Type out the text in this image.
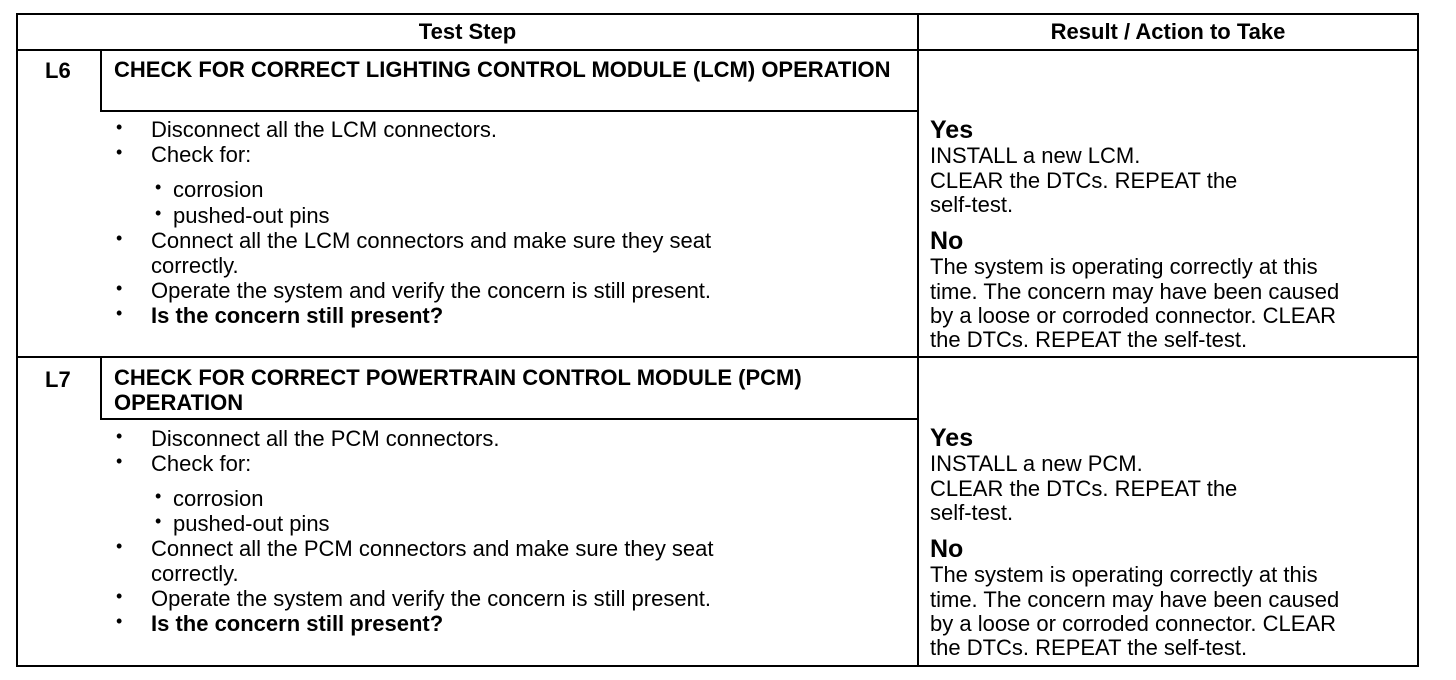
Test Step	Result / Action to Take
L6 CHECK FOR CORRECT LIGHTING CONTROL MODULE (LCM) OPERATION
• Disconnect all the LCM connectors.
• Check for:
• corrosion
• pushed-out pins
• Connect all the LCM connectors and make sure they seat
correctly.
• Operate the system and verify the concern is still present.
• Is the concern still present?
Yes
INSTALL a new LCM.
CLEAR the DTCs. REPEAT the
self-test.
No
The system is operating correctly at this
time. The concern may have been caused
by a loose or corroded connector. CLEAR
the DTCs. REPEAT the self-test.
L7 CHECK FOR CORRECT POWERTRAIN CONTROL MODULE (PCM) OPERATION
• Disconnect all the PCM connectors.
• Check for:
• corrosion
• pushed-out pins
• Connect all the PCM connectors and make sure they seat
correctly.
• Operate the system and verify the concern is still present.
• Is the concern still present?
Yes
INSTALL a new PCM.
CLEAR the DTCs. REPEAT the
self-test.
No
The system is operating correctly at this
time. The concern may have been caused
by a loose or corroded connector. CLEAR
the DTCs. REPEAT the self-test.
